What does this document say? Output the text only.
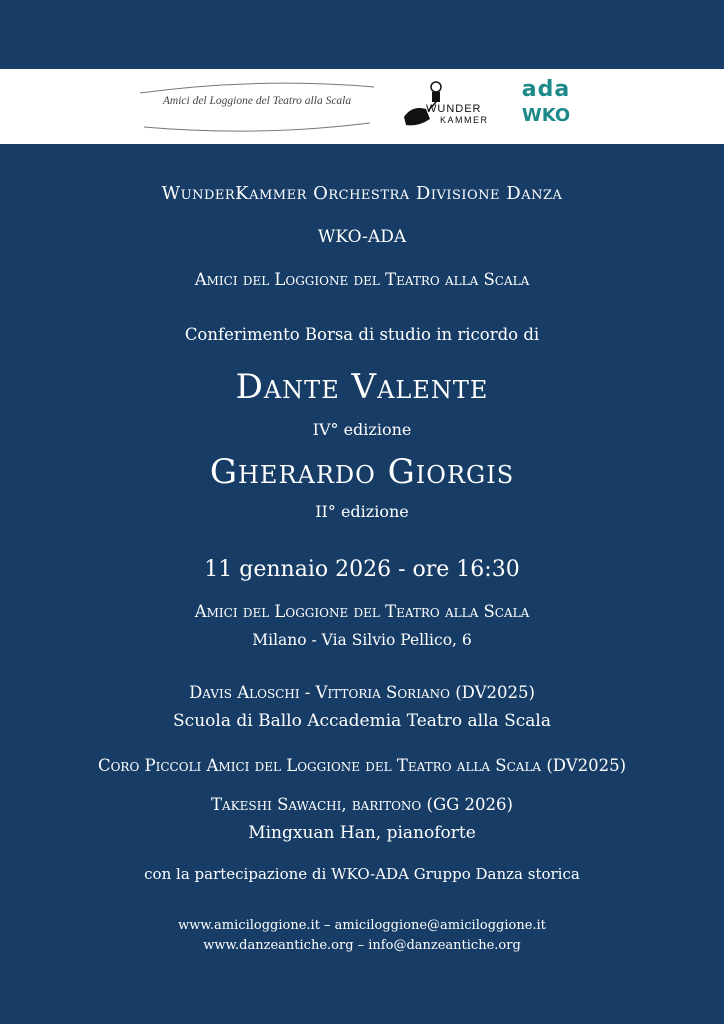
Amici del Loggione del Teatro alla Scala
WUNDER
KAMMER
ada
WKO
WunderKammer Orchestra Divisione Danza
WKO-ADA
Amici del Loggione del Teatro alla Scala
Conferimento Borsa di studio in ricordo di
Dante Valente
IV° edizione
Gherardo Giorgis
II° edizione
11 gennaio 2026 - ore 16:30
Amici del Loggione del Teatro alla Scala
Milano - Via Silvio Pellico, 6
Davis Aloschi - Vittoria Soriano (DV2025)
Scuola di Ballo Accademia Teatro alla Scala
Coro Piccoli Amici del Loggione del Teatro alla Scala (DV2025)
Takeshi Sawachi, baritono (GG 2026)
Mingxuan Han, pianoforte
con la partecipazione di WKO-ADA Gruppo Danza storica
www.amiciloggione.it – amiciloggione@amiciloggione.it
www.danzeantiche.org – info@danzeantiche.org
